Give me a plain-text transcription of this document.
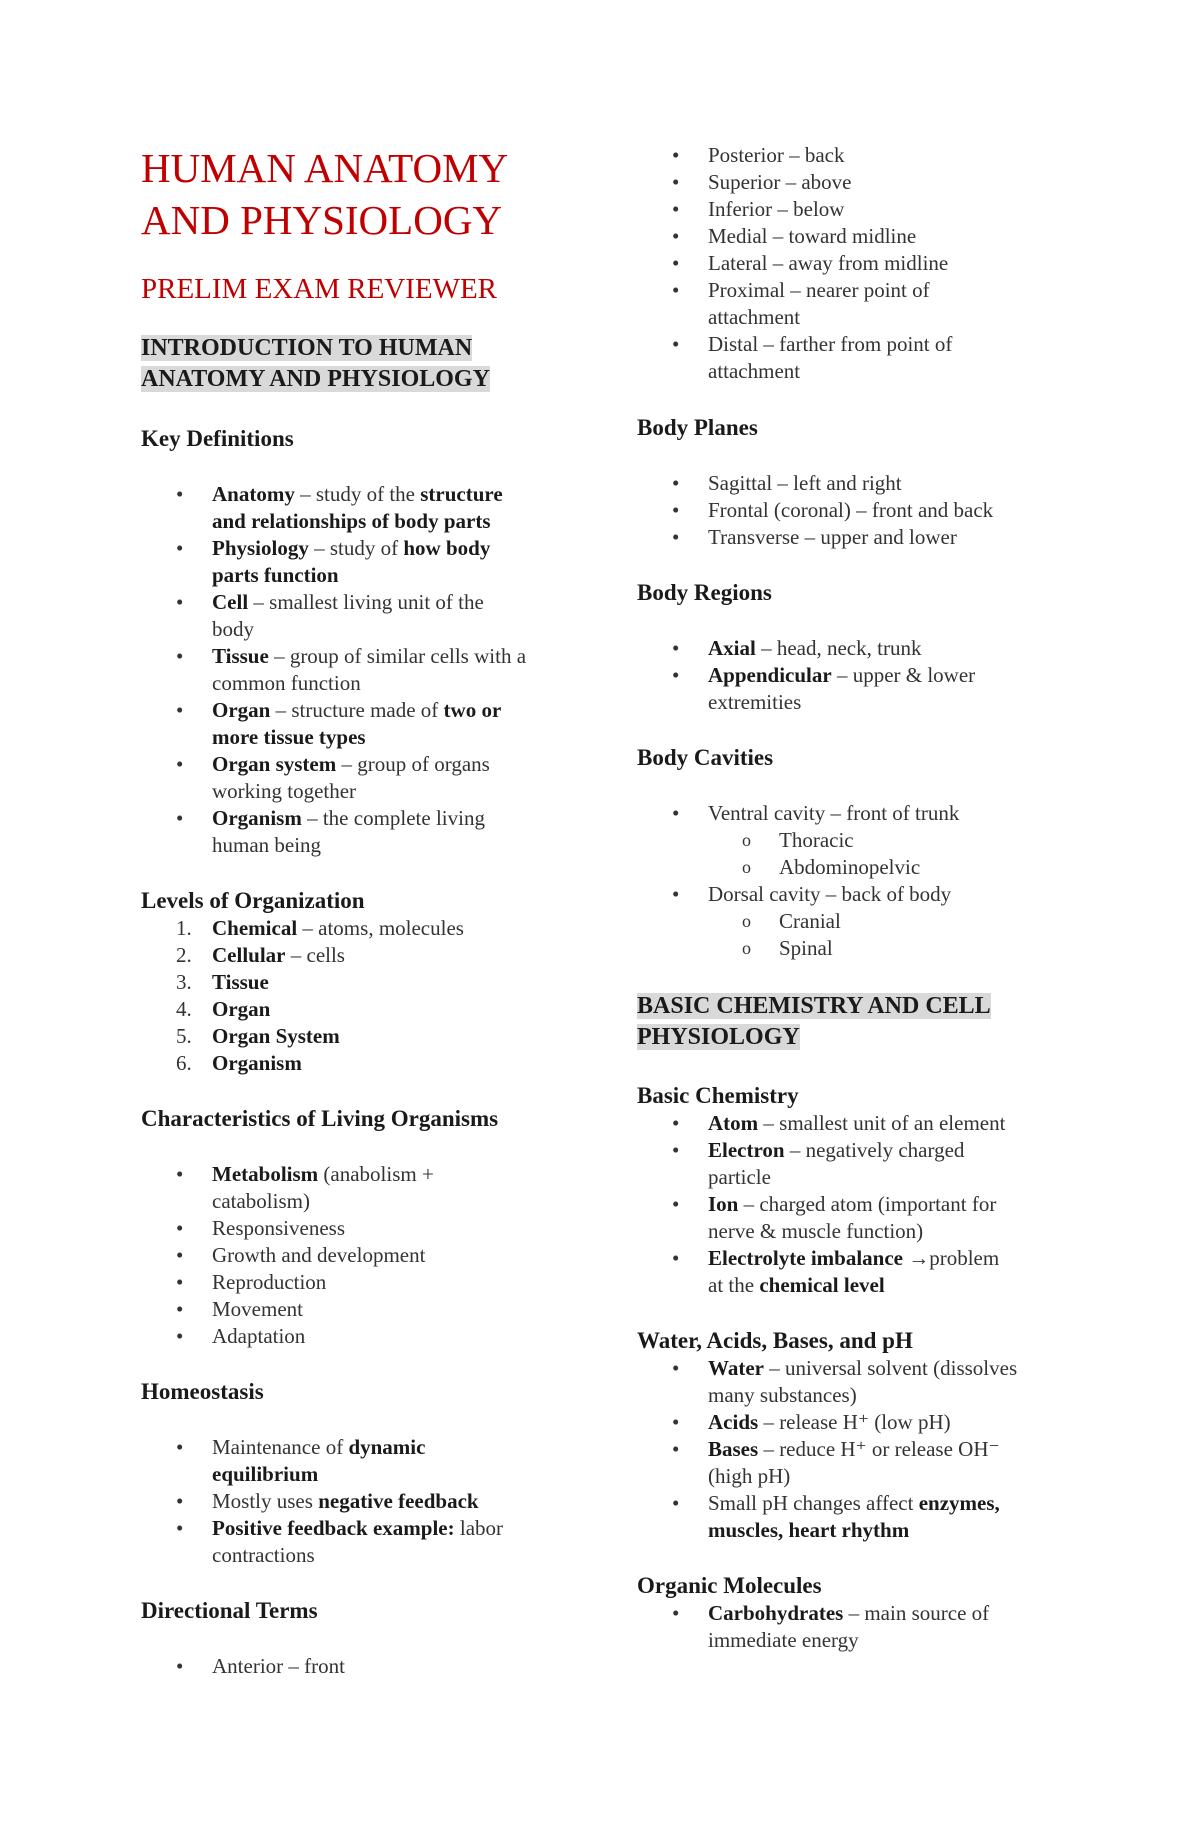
HUMAN ANATOMY
AND PHYSIOLOGY
PRELIM EXAM REVIEWER
INTRODUCTION TO HUMAN
ANATOMY AND PHYSIOLOGY
Key Definitions
•	Anatomy – study of the structure
and relationships of body parts
•	Physiology – study of how body
parts function
•	Cell – smallest living unit of the
body
•	Tissue – group of similar cells with a
common function
•	Organ – structure made of two or
more tissue types
•	Organ system – group of organs
working together
•	Organism – the complete living
human being
Levels of Organization
1. Chemical – atoms, molecules
2. Cellular – cells
3. Tissue
4. Organ
5. Organ System
6. Organism
Characteristics of Living Organisms
•	Metabolism (anabolism +
catabolism)
•	Responsiveness
•	Growth and development
•	Reproduction
•	Movement
•	Adaptation
Homeostasis
•	Maintenance of dynamic
equilibrium
•	Mostly uses negative feedback
•	Positive feedback example: labor
contractions
Directional Terms
•	Anterior – front
•	Posterior – back
•	Superior – above
•	Inferior – below
•	Medial – toward midline
•	Lateral – away from midline
•	Proximal – nearer point of
attachment
•	Distal – farther from point of
attachment
Body Planes
•	Sagittal – left and right
•	Frontal (coronal) – front and back
•	Transverse – upper and lower
Body Regions
•	Axial – head, neck, trunk
•	Appendicular – upper & lower
extremities
Body Cavities
•	Ventral cavity – front of trunk
o	Thoracic
o	Abdominopelvic
•	Dorsal cavity – back of body
o	Cranial
o	Spinal
BASIC CHEMISTRY AND CELL
PHYSIOLOGY
Basic Chemistry
•	Atom – smallest unit of an element
•	Electron – negatively charged
particle
•	Ion – charged atom (important for
nerve & muscle function)
•	Electrolyte imbalance →problem
at the chemical level
Water, Acids, Bases, and pH
•	Water – universal solvent (dissolves
many substances)
•	Acids – release H⁺ (low pH)
•	Bases – reduce H⁺ or release OH⁻
(high pH)
•	Small pH changes affect enzymes,
muscles, heart rhythm
Organic Molecules
•	Carbohydrates – main source of
immediate energy
